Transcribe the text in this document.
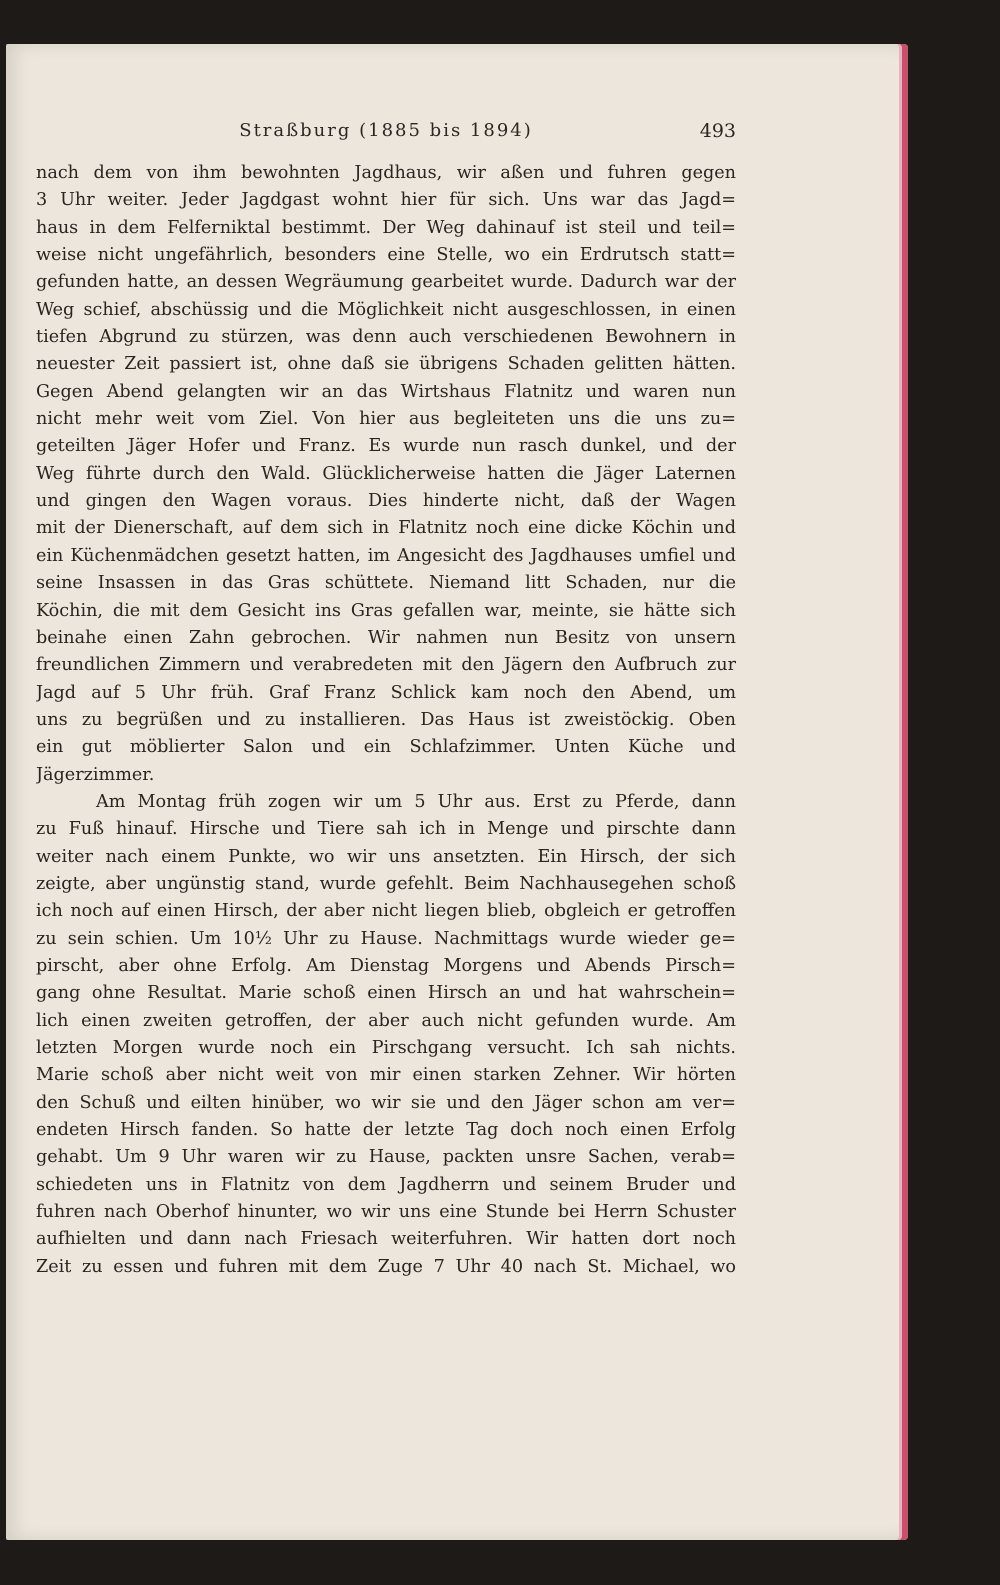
Straßburg (1885 bis 1894)	493
nach dem von ihm bewohnten Jagdhaus, wir aßen und fuhren gegen
3 Uhr weiter. Jeder Jagdgast wohnt hier für sich. Uns war das Jagd=
haus in dem Felferniktal bestimmt. Der Weg dahinauf ist steil und teil=
weise nicht ungefährlich, besonders eine Stelle, wo ein Erdrutsch statt=
gefunden hatte, an dessen Wegräumung gearbeitet wurde. Dadurch war der
Weg schief, abschüssig und die Möglichkeit nicht ausgeschlossen, in einen
tiefen Abgrund zu stürzen, was denn auch verschiedenen Bewohnern in
neuester Zeit passiert ist, ohne daß sie übrigens Schaden gelitten hätten.
Gegen Abend gelangten wir an das Wirtshaus Flatnitz und waren nun
nicht mehr weit vom Ziel. Von hier aus begleiteten uns die uns zu=
geteilten Jäger Hofer und Franz. Es wurde nun rasch dunkel, und der
Weg führte durch den Wald. Glücklicherweise hatten die Jäger Laternen
und gingen den Wagen voraus. Dies hinderte nicht, daß der Wagen
mit der Dienerschaft, auf dem sich in Flatnitz noch eine dicke Köchin und
ein Küchenmädchen gesetzt hatten, im Angesicht des Jagdhauses umfiel und
seine Insassen in das Gras schüttete. Niemand litt Schaden, nur die
Köchin, die mit dem Gesicht ins Gras gefallen war, meinte, sie hätte sich
beinahe einen Zahn gebrochen. Wir nahmen nun Besitz von unsern
freundlichen Zimmern und verabredeten mit den Jägern den Aufbruch zur
Jagd auf 5 Uhr früh. Graf Franz Schlick kam noch den Abend, um
uns zu begrüßen und zu installieren. Das Haus ist zweistöckig. Oben
ein gut möblierter Salon und ein Schlafzimmer. Unten Küche und
Jägerzimmer.
Am Montag früh zogen wir um 5 Uhr aus. Erst zu Pferde, dann
zu Fuß hinauf. Hirsche und Tiere sah ich in Menge und pirschte dann
weiter nach einem Punkte, wo wir uns ansetzten. Ein Hirsch, der sich
zeigte, aber ungünstig stand, wurde gefehlt. Beim Nachhausegehen schoß
ich noch auf einen Hirsch, der aber nicht liegen blieb, obgleich er getroffen
zu sein schien. Um 10½ Uhr zu Hause. Nachmittags wurde wieder ge=
pirscht, aber ohne Erfolg. Am Dienstag Morgens und Abends Pirsch=
gang ohne Resultat. Marie schoß einen Hirsch an und hat wahrschein=
lich einen zweiten getroffen, der aber auch nicht gefunden wurde. Am
letzten Morgen wurde noch ein Pirschgang versucht. Ich sah nichts.
Marie schoß aber nicht weit von mir einen starken Zehner. Wir hörten
den Schuß und eilten hinüber, wo wir sie und den Jäger schon am ver=
endeten Hirsch fanden. So hatte der letzte Tag doch noch einen Erfolg
gehabt. Um 9 Uhr waren wir zu Hause, packten unsre Sachen, verab=
schiedeten uns in Flatnitz von dem Jagdherrn und seinem Bruder und
fuhren nach Oberhof hinunter, wo wir uns eine Stunde bei Herrn Schuster
aufhielten und dann nach Friesach weiterfuhren. Wir hatten dort noch
Zeit zu essen und fuhren mit dem Zuge 7 Uhr 40 nach St. Michael, wo
